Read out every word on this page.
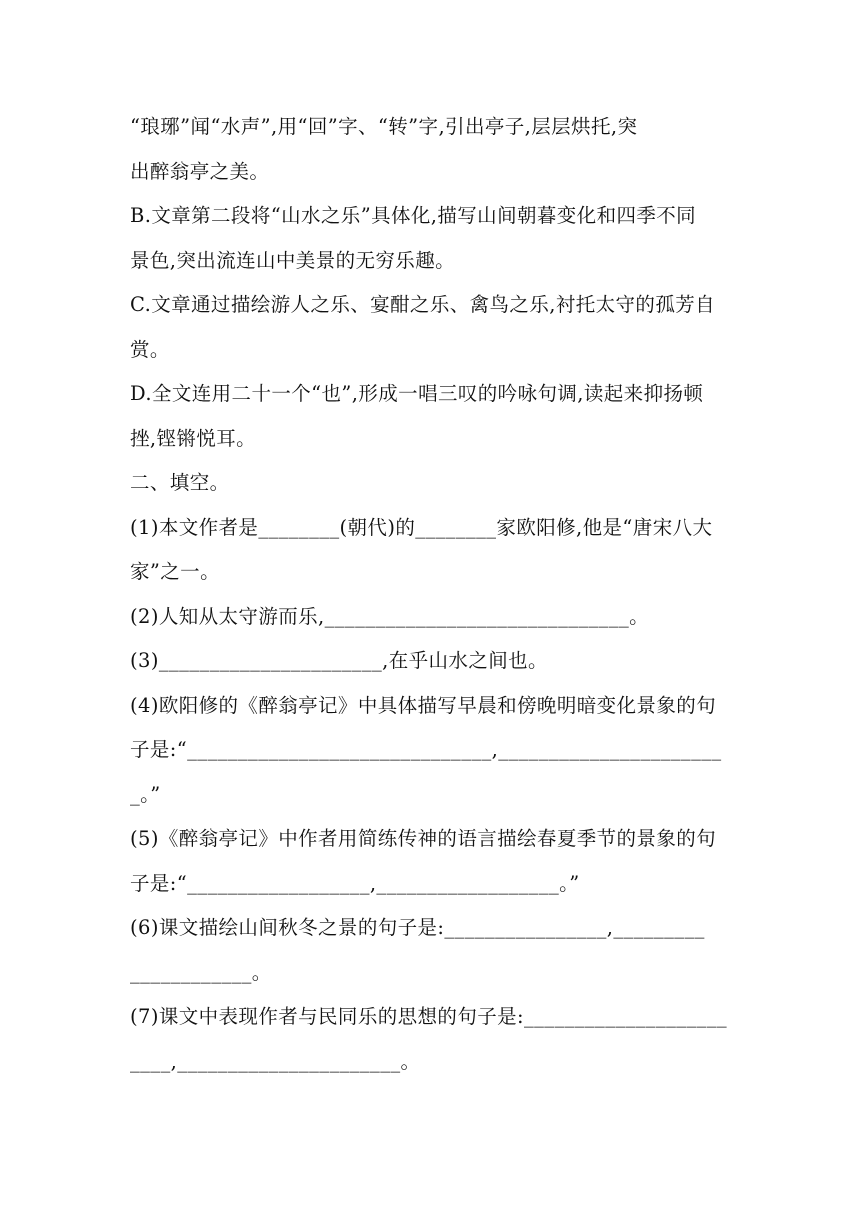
“琅琊”闻“水声”,用“回”字、“转”字,引出亭子,层层烘托,突
出醉翁亭之美。
B.文章第二段将“山水之乐”具体化,描写山间朝暮变化和四季不同
景色,突出流连山中美景的无穷乐趣。
C.文章通过描绘游人之乐、宴酣之乐、禽鸟之乐,衬托太守的孤芳自
赏。
D.全文连用二十一个“也”,形成一唱三叹的吟咏句调,读起来抑扬顿
挫,铿锵悦耳。
二、填空。
(1)本文作者是________(朝代)的________家欧阳修,他是“唐宋八大
家”之一。
(2)人知从太守游而乐,______________________________。
(3)______________________,在乎山水之间也。
(4)欧阳修的《醉翁亭记》中具体描写早晨和傍晚明暗变化景象的句
子是:“______________________________,______________________
_。”
(5)《醉翁亭记》中作者用简练传神的语言描绘春夏季节的景象的句
子是:“__________________,__________________。”
(6)课文描绘山间秋冬之景的句子是:________________,_________
____________。
(7)课文中表现作者与民同乐的思想的句子是:____________________
____,______________________。
